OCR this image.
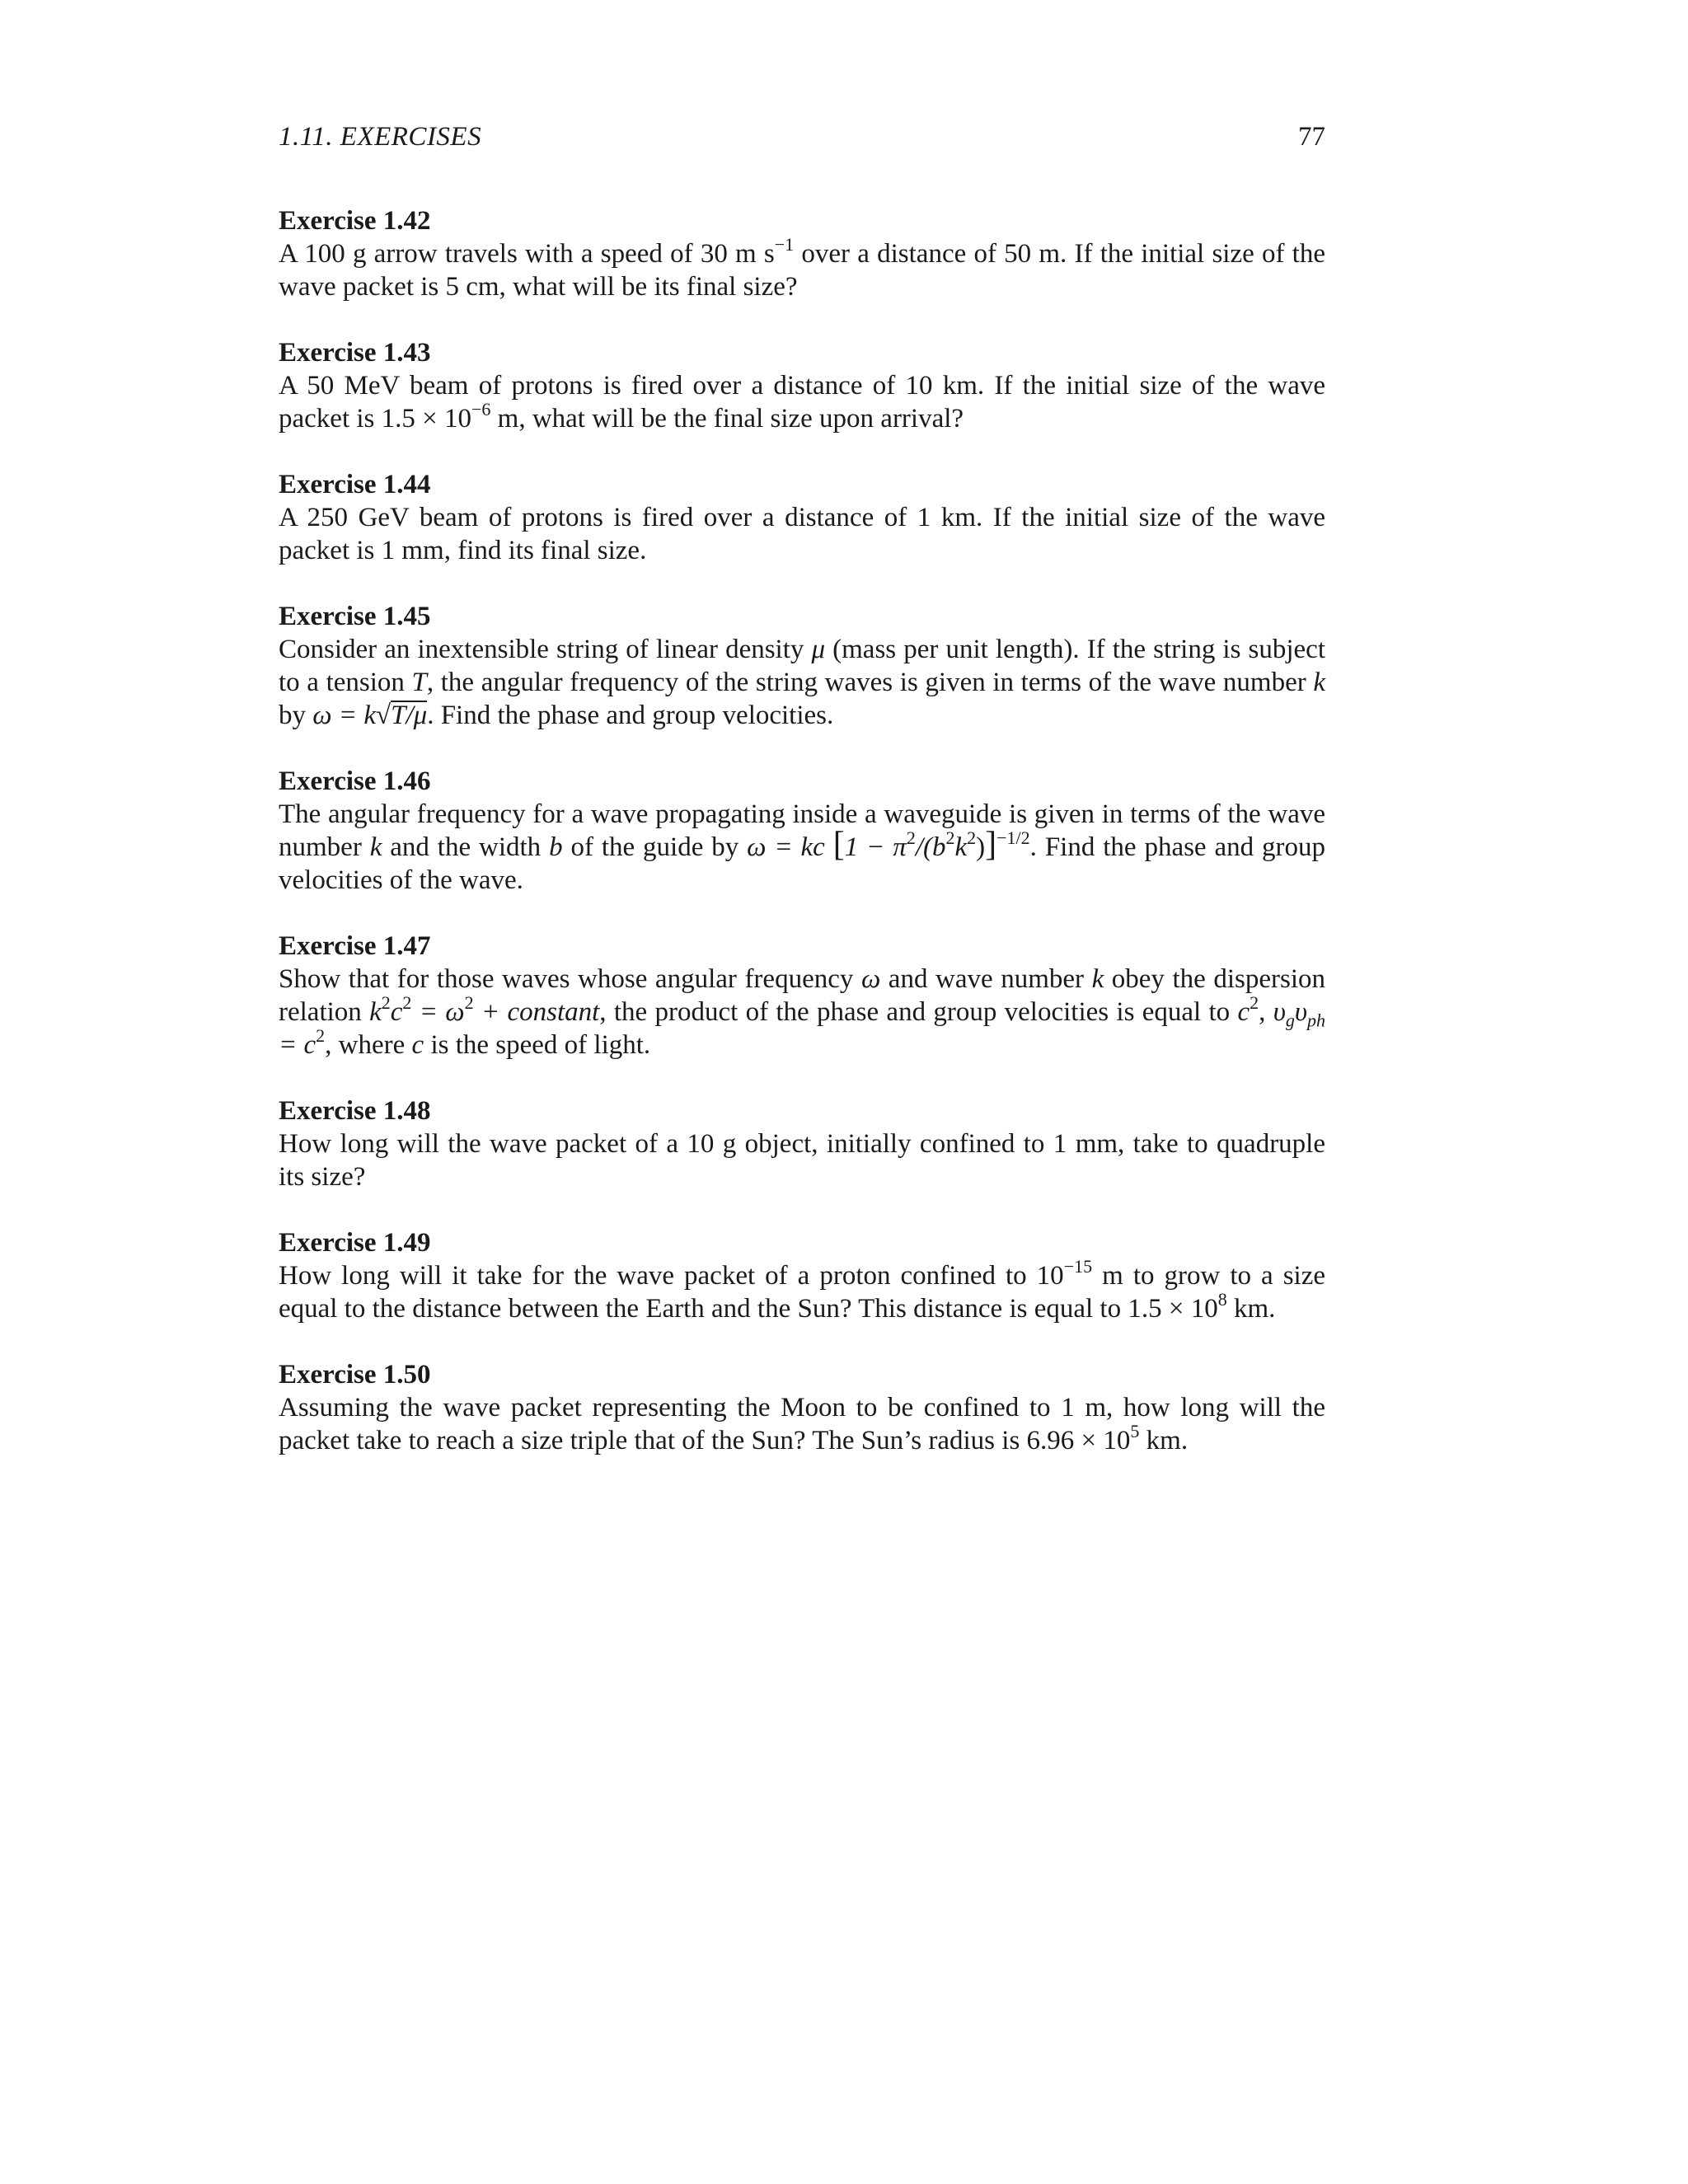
1.11. EXERCISES	77
Exercise 1.42
A 100 g arrow travels with a speed of 30 m $s^{-1}$ over a distance of 50 m. If the initial size of the wave packet is 5 cm, what will be its final size?
Exercise 1.43
A 50 MeV beam of protons is fired over a distance of 10 km. If the initial size of the wave packet is $1.5 \times 10^{-6}$ m, what will be the final size upon arrival?
Exercise 1.44
A 250 GeV beam of protons is fired over a distance of 1 km. If the initial size of the wave packet is 1 mm, find its final size.
Exercise 1.45
Consider an inextensible string of linear density μ (mass per unit length). If the string is subject to a tension T, the angular frequency of the string waves is given in terms of the wave number k by ω = k√T/μ. Find the phase and group velocities.
Exercise 1.46
The angular frequency for a wave propagating inside a waveguide is given in terms of the wave number k and the width b of the guide by ω = kc $[1 - \pi^2/(b^2k^2)]^{-1/2}$. Find the phase and group velocities of the wave.
Exercise 1.47
Show that for those waves whose angular frequency ω and wave number k obey the dispersion relation $k^2c^2 = \omega^2$ + constant, the product of the phase and group velocities is equal to $c^2$, $\upsilon_g\upsilon_{ph} = c^2$, where c is the speed of light.
Exercise 1.48
How long will the wave packet of a 10 g object, initially confined to 1 mm, take to quadruple its size?
Exercise 1.49
How long will it take for the wave packet of a proton confined to $10^{-15}$ m to grow to a size equal to the distance between the Earth and the Sun? This distance is equal to $1.5 \times 10^8$ km.
Exercise 1.50
Assuming the wave packet representing the Moon to be confined to 1 m, how long will the packet take to reach a size triple that of the Sun? The Sun’s radius is $6.96 \times 10^5$ km.
